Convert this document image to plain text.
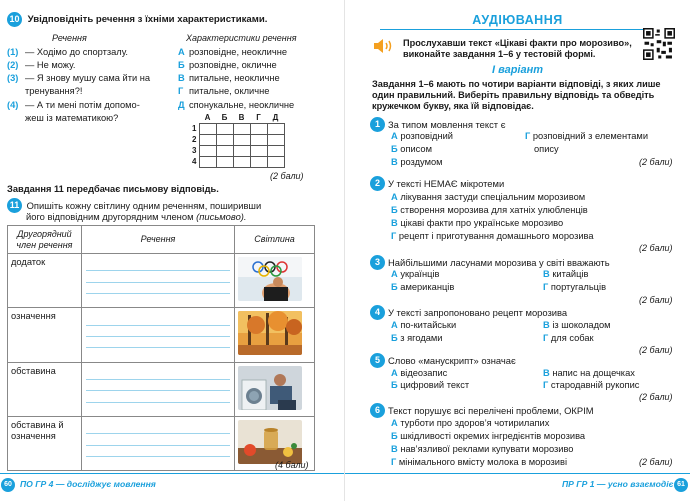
10 Увідповідніть речення з їхніми характеристиками.
Речення	Характеристики речення
(1) — Ходімо до спортзалу.
(2) — Не можу.
(3) — Я знову мушу сама йти на
тренування?!
(4) — А ти мені потім допомо-
жеш із математикою?
А розповідне, неокличне
Б розповідне, окличне
В питальне, неокличне
Г питальне, окличне
Д спонукальне, неокличне
	А	Б	В	Г	Д
1					
2					
3					
4					
(2 бали)
Завдання 11 передбачає письмову відповідь.
11 Опишіть кожну світлину одним реченням, поширивши
його відповідним другорядним членом (письмово).
Другорядний член речення	Речення	Світлина
додаток	

означення	

обставина	

обставина й означення	

(4 бали)
60 ПО ГР 4 — досліджує мовлення
АУДІЮВАННЯ
Прослухавши текст «Цікаві факти про морозиво», виконайте завдання 1–6 у тестовій формі.
І варіант
Завдання 1–6 мають по чотири варіанти відповіді, з яких лише один правильний. Виберіть правильну відповідь та обведіть кружечком букву, яка їй відповідає.
1 За типом мовлення текст є
А розповідний
Б описом
В роздумом
Г розповідний з елементами
опису
(2 бали)
2 У тексті НЕМАЄ мікротеми
А лікування застуди спеціальним морозивом
Б створення морозива для хатніх улюбленців
В цікаві факти про українське морозиво
Г рецепт і приготування домашнього морозива
(2 бали)
3 Найбільшими ласунами морозива у світі вважають
А українців
Б американців
В китайців
Г португальців
(2 бали)
4 У тексті запропоновано рецепт морозива
А по-китайськи
Б з ягодами
В із шоколадом
Г для собак
(2 бали)
5 Слово «манускрипт» означає
А відеозапис
Б цифровий текст
В напис на дощечках
Г стародавній рукопис
(2 бали)
6 Текст порушує всі перелічені проблеми, ОКРІМ
А турботи про здоров’я чотирилапих
Б шкідливості окремих інгредієнтів морозива
В нав’язливої реклами купувати морозиво
Г мінімального вмісту молока в морозиві	(2 бали)
ПР ГР 1 — усно взаємодіє 61
